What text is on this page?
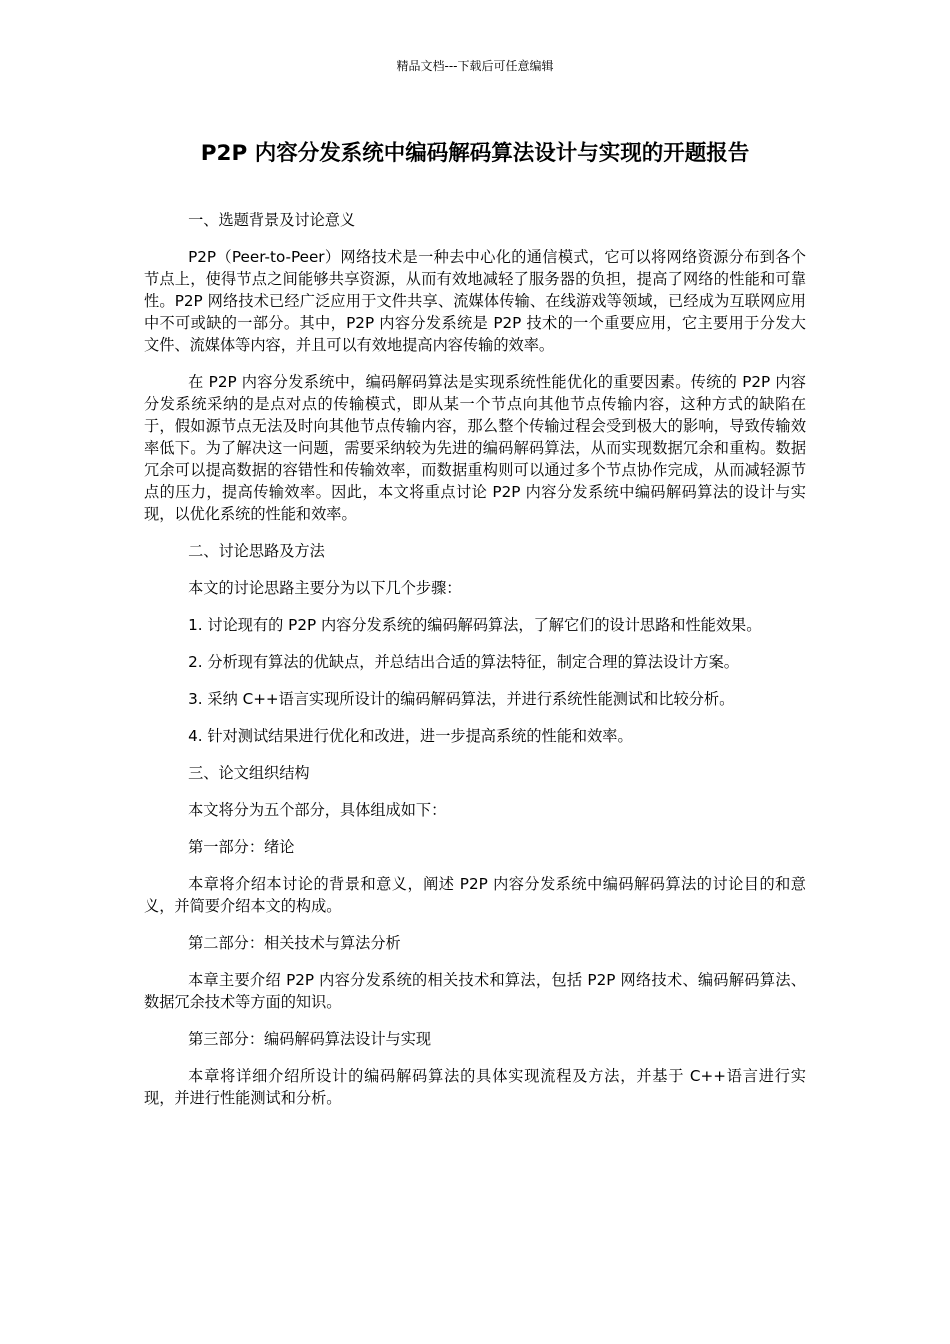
精品文档---下载后可任意编辑
P2P 内容分发系统中编码解码算法设计与实现的开题报告

一、选题背景及讨论意义

P2P（Peer-to-Peer）网络技术是一种去中心化的通信模式，它可以将网络资源分布到各个节点上，使得节点之间能够共享资源，从而有效地减轻了服务器的负担，提高了网络的性能和可靠性。P2P 网络技术已经广泛应用于文件共享、流媒体传输、在线游戏等领域，已经成为互联网应用中不可或缺的一部分。其中，P2P 内容分发系统是 P2P 技术的一个重要应用，它主要用于分发大文件、流媒体等内容，并且可以有效地提高内容传输的效率。

在 P2P 内容分发系统中，编码解码算法是实现系统性能优化的重要因素。传统的 P2P 内容分发系统采纳的是点对点的传输模式，即从某一个节点向其他节点传输内容，这种方式的缺陷在于，假如源节点无法及时向其他节点传输内容，那么整个传输过程会受到极大的影响，导致传输效率低下。为了解决这一问题，需要采纳较为先进的编码解码算法，从而实现数据冗余和重构。数据冗余可以提高数据的容错性和传输效率，而数据重构则可以通过多个节点协作完成，从而减轻源节点的压力，提高传输效率。因此，本文将重点讨论 P2P 内容分发系统中编码解码算法的设计与实现，以优化系统的性能和效率。

二、讨论思路及方法

本文的讨论思路主要分为以下几个步骤：

1. 讨论现有的 P2P 内容分发系统的编码解码算法，了解它们的设计思路和性能效果。

2. 分析现有算法的优缺点，并总结出合适的算法特征，制定合理的算法设计方案。

3. 采纳 C++语言实现所设计的编码解码算法，并进行系统性能测试和比较分析。

4. 针对测试结果进行优化和改进，进一步提高系统的性能和效率。

三、论文组织结构

本文将分为五个部分，具体组成如下：

第一部分：绪论

本章将介绍本讨论的背景和意义，阐述 P2P 内容分发系统中编码解码算法的讨论目的和意义，并简要介绍本文的构成。

第二部分：相关技术与算法分析

本章主要介绍 P2P 内容分发系统的相关技术和算法，包括 P2P 网络技术、编码解码算法、数据冗余技术等方面的知识。

第三部分：编码解码算法设计与实现

本章将详细介绍所设计的编码解码算法的具体实现流程及方法，并基于 C++语言进行实现，并进行性能测试和分析。
